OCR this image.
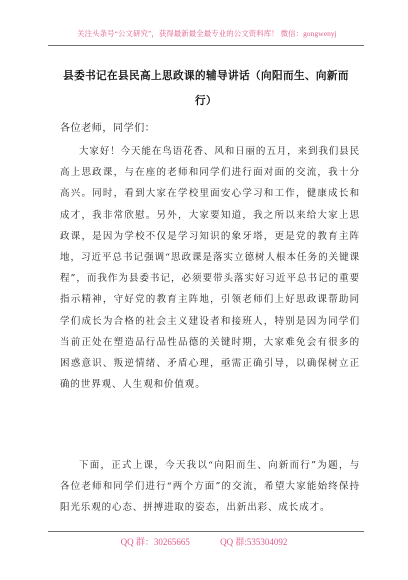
关注头条号“公文研究”，获得最新最全最专业的公文资料库！ 微信：gongwenyj
县委书记在县民高上思政课的辅导讲话（向阳而生、向新而行）
各位老师，同学们：

大家好！今天能在鸟语花香、风和日丽的五月，来到我们县民高上思政课，与在座的老师和同学们进行面对面的交流，我十分高兴。同时，看到大家在学校里面安心学习和工作，健康成长和成才，我非常欣慰。另外，大家要知道，我之所以来给大家上思政课，是因为学校不仅是学习知识的象牙塔，更是党的教育主阵地，习近平总书记强调“思政课是落实立德树人根本任务的关键课程”，而我作为县委书记，必须要带头落实好习近平总书记的重要指示精神，守好党的教育主阵地，引领老师们上好思政课帮助同学们成长为合格的社会主义建设者和接班人，特别是因为同学们当前正处在塑造品行品性品德的关键时期，大家难免会有很多的困惑意识、叛逆情绪、矛盾心理，亟需正确引导，以确保树立正确的世界观、人生观和价值观。

下面，正式上课，今天我以“向阳而生、向新而行”为题，与各位老师和同学们进行“两个方面”的交流，希望大家能始终保持阳光乐观的心态、拼搏进取的姿态，出新出彩、成长成才。

QQ 群：30265665	QQ 群:535304092
